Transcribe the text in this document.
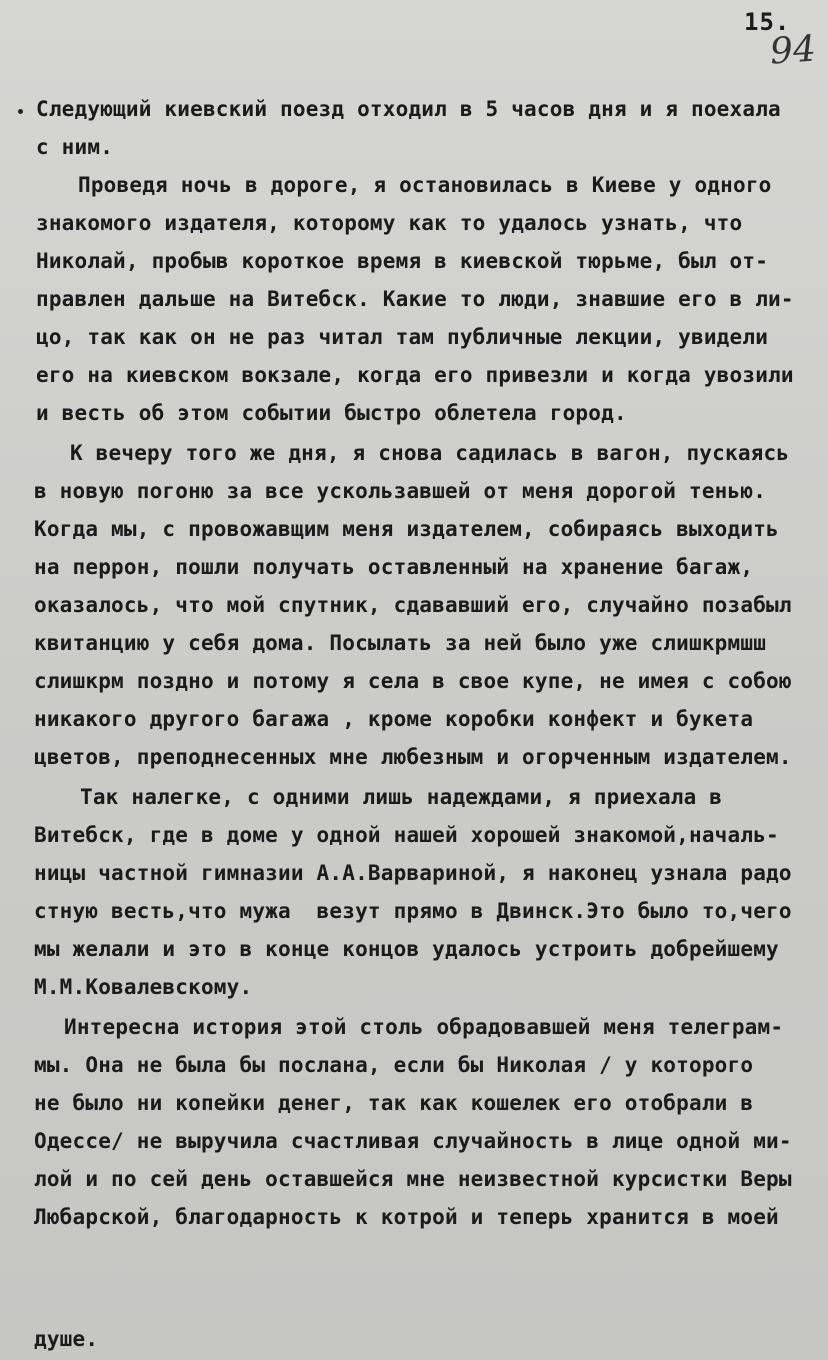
15.
94
Следующий киевский поезд отходил в 5 часов дня и я поехала
с ним.
Проведя ночь в дороге, я остановилась в Киеве у одного
знакомого издателя, которому как то удалось узнать, что
Николай, пробыв короткое время в киевской тюрьме, был от-
правлен дальше на Витебск. Какие то люди, знавшие его в ли-
цо, так как он не раз читал там публичные лекции, увидели
его на киевском вокзале, когда его привезли и когда увозили
и весть об этом событии быстро облетела город.
К вечеру того же дня, я снова садилась в вагон, пускаясь
в новую погоню за все ускользавшей от меня дорогой тенью.
Когда мы, с провожавщим меня издателем, собираясь выходить
на перрон, пошли получать оставленный на хранение багаж,
оказалось, что мой спутник, сдававший его, случайно позабыл
квитанцию у себя дома. Посылать за ней было уже слишкрмшш
слишкрм поздно и потому я села в свое купе, не имея с собою
никакого другого багажа , кроме коробки конфект и букета
цветов, преподнесенных мне любезным и огорченным издателем.
Так налегке, с одними лишь надеждами, я приехала в
Витебск, где в доме у одной нашей хорошей знакомой,началь-
ницы частной гимназии А.А.Варвариной, я наконец узнала радо
стную весть,что мужа  везут прямо в Двинск.Это было то,чего
мы желали и это в конце концов удалось устроить добрейшему
М.М.Ковалевскому.
Интересна история этой столь обрадовавшей меня телеграм-
мы. Она не была бы послана, если бы Николая / у которого
не было ни копейки денег, так как кошелек его отобрали в
Одессе/ не выручила счастливая случайность в лице одной ми-
лой и по сей день оставшейся мне неизвестной курсистки Веры
Любарской, благодарность к котрой и теперь хранится в моей
душе.
